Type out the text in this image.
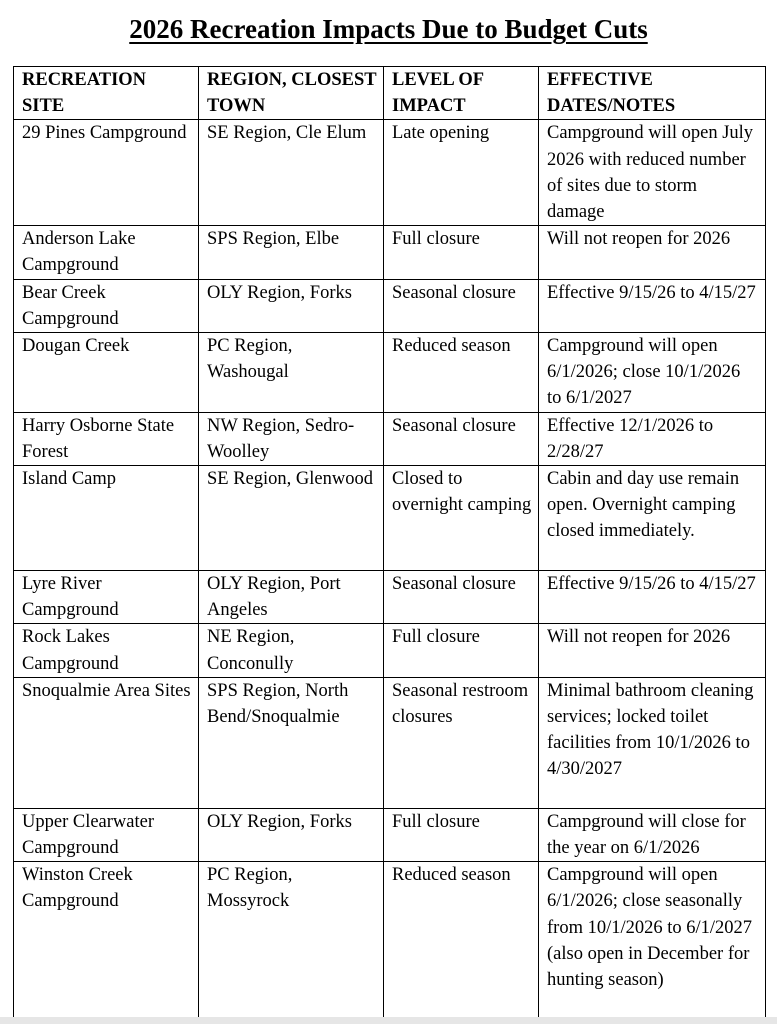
2026 Recreation Impacts Due to Budget Cuts
RECREATION SITE	REGION, CLOSEST TOWN	LEVEL OF IMPACT	EFFECTIVE DATES/NOTES
29 Pines Campground	SE Region, Cle Elum	Late opening	Campground will open July 2026 with reduced number of sites due to storm damage
Anderson Lake Campground	SPS Region, Elbe	Full closure	Will not reopen for 2026
Bear Creek Campground	OLY Region, Forks	Seasonal closure	Effective 9/15/26 to 4/15/27
Dougan Creek	PC Region, Washougal	Reduced season	Campground will open 6/1/2026; close 10/1/2026 to 6/1/2027
Harry Osborne State Forest	NW Region, Sedro-Woolley	Seasonal closure	Effective 12/1/2026 to 2/28/27
Island Camp	SE Region, Glenwood	Closed to overnight camping	Cabin and day use remain open. Overnight camping closed immediately.
Lyre River Campground	OLY Region, Port Angeles	Seasonal closure	Effective 9/15/26 to 4/15/27
Rock Lakes Campground	NE Region, Conconully	Full closure	Will not reopen for 2026
Snoqualmie Area Sites	SPS Region, North Bend/Snoqualmie	Seasonal restroom closures	Minimal bathroom cleaning services; locked toilet facilities from 10/1/2026 to 4/30/2027
Upper Clearwater Campground	OLY Region, Forks	Full closure	Campground will close for the year on 6/1/2026
Winston Creek Campground	PC Region, Mossyrock	Reduced season	Campground will open 6/1/2026; close seasonally from 10/1/2026 to 6/1/2027 (also open in December for hunting season)
